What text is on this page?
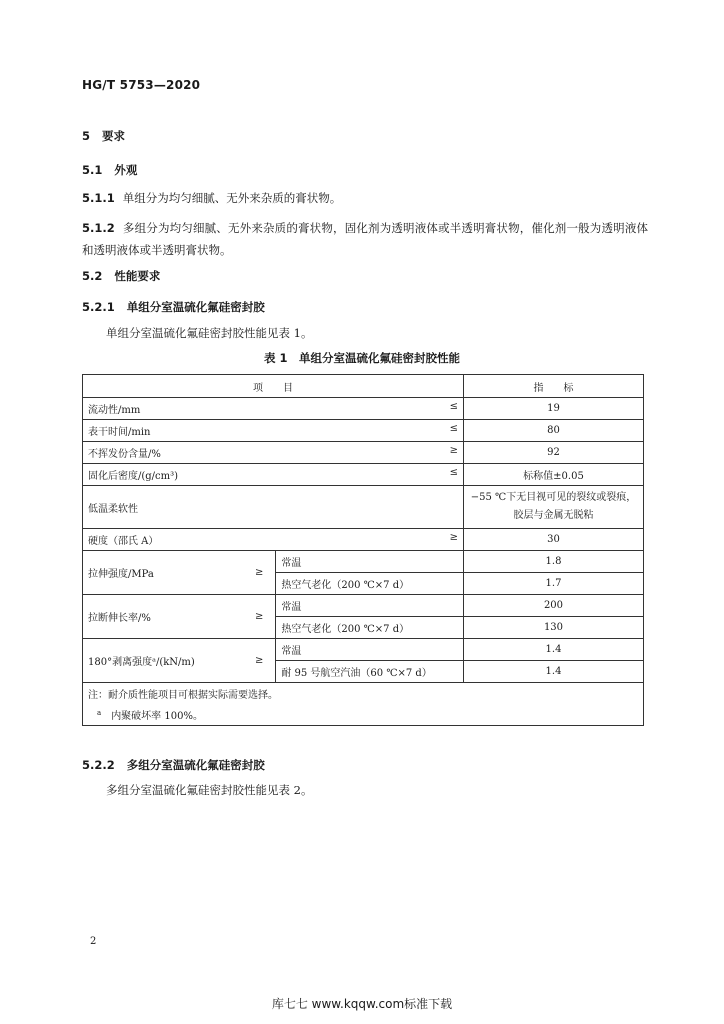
HG/T 5753—2020
5 要求
5.1 外观
5.1.1 单组分为均匀细腻、无外来杂质的膏状物。
5.1.2 多组分为均匀细腻、无外来杂质的膏状物，固化剂为透明液体或半透明膏状物，催化剂一般为透明液体和透明液体或半透明膏状物。
5.2 性能要求
5.2.1 单组分室温硫化氟硅密封胶
单组分室温硫化氟硅密封胶性能见表 1。
表 1　单组分室温硫化氟硅密封胶性能
项　　目			指　　标

流动性/mm ≤			19

表干时间/min ≤			80

不挥发份含量/% ≥			92

固化后密度/(g/cm³) ≤			标称值±0.05
低温柔软性			−55 ℃下无目视可见的裂纹或裂痕，
胶层与金属无脱粘

硬度（邵氏 A） ≥			30
拉伸强度/MPa	≥	常温	1.8
		热空气老化（200 ℃×7 d）	1.7
拉断伸长率/%	≥	常温	200
		热空气老化（200 ℃×7 d）	130
180°剥离强度ᵃ/(kN/m)	≥	常温	1.4
		耐 95 号航空汽油（60 ℃×7 d）	1.4
注：耐介质性能项目可根据实际需要选择。			
$^a$ 内聚破坏率 100%。			
5.2.2 多组分室温硫化氟硅密封胶
多组分室温硫化氟硅密封胶性能见表 2。
2
库七七 www.kqqw.com标准下载
